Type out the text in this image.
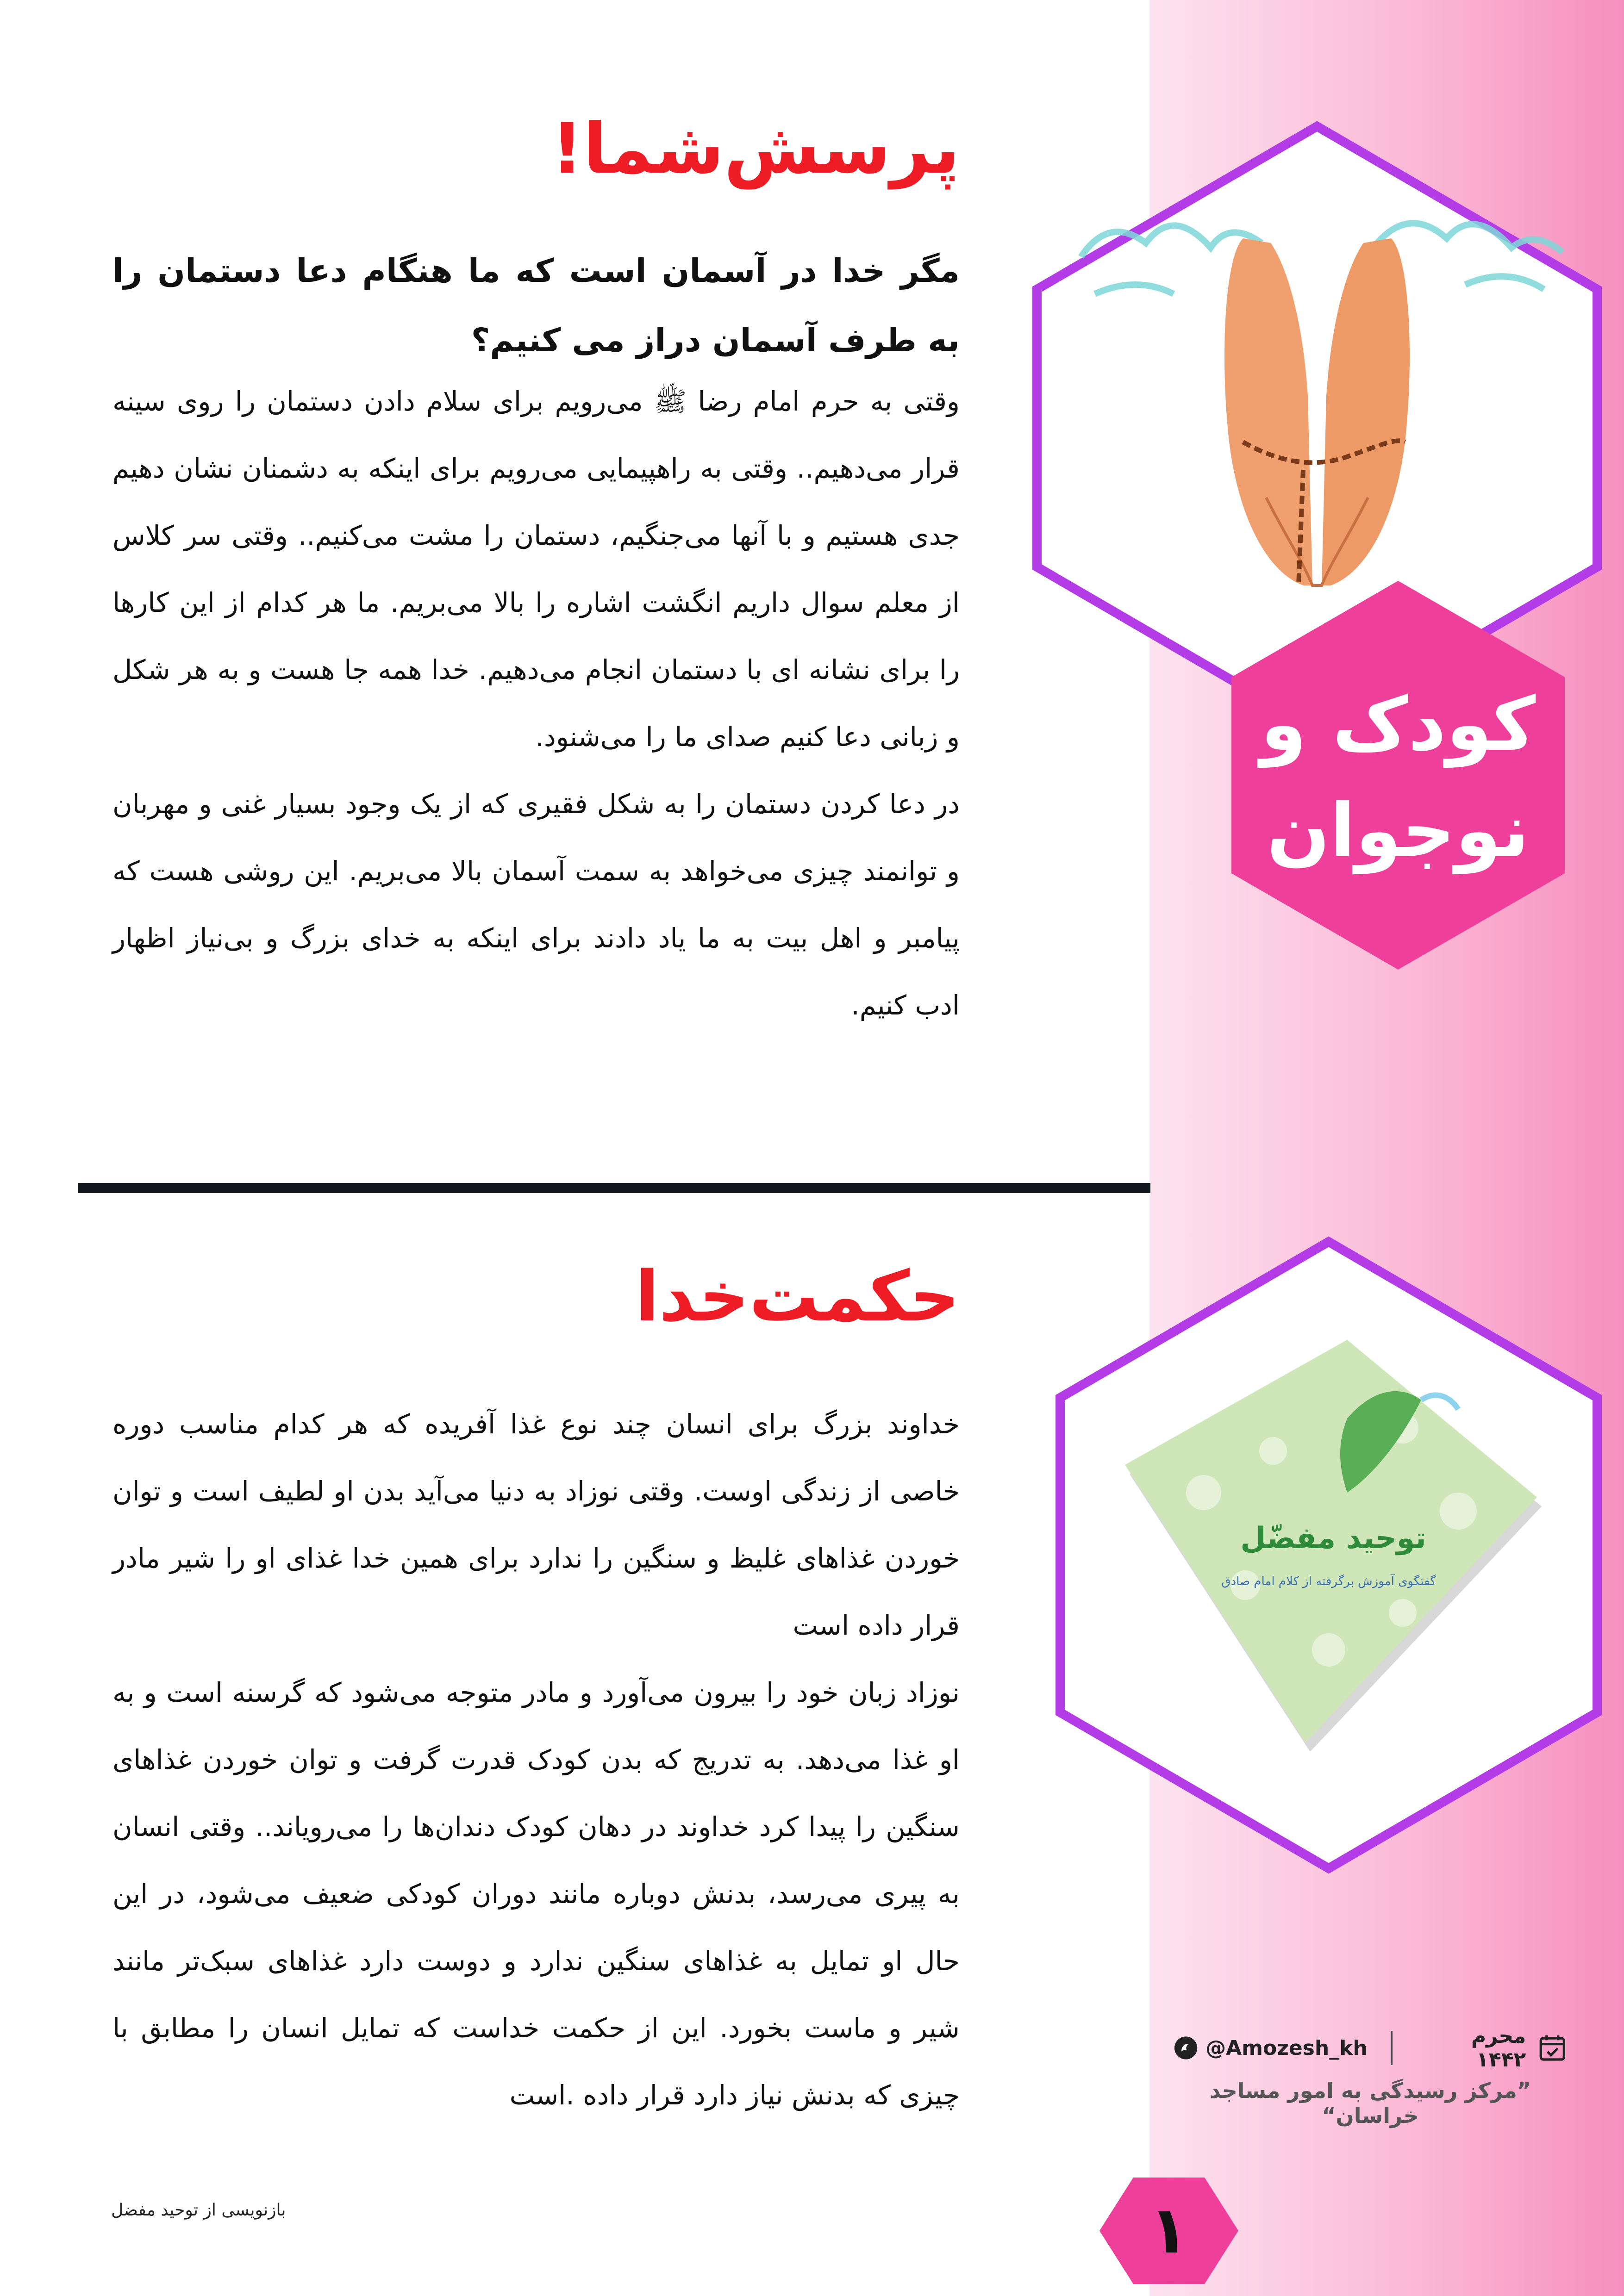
پرسش‌شما!

مگر خدا در آسمان است که ما هنگام دعا دستمان را به طرف آسمان دراز می کنیم؟

وقتی به حرم امام رضا ﷺ می‌رویم برای سلام دادن دستمان را روی سینه قرار می‌دهیم.. وقتی به راهپیمایی می‌رویم برای اینکه به دشمنان نشان دهیم جدی هستیم و با آنها می‌جنگیم، دستمان را مشت می‌کنیم.. وقتی سر کلاس از معلم سوال داریم انگشت اشاره را بالا می‌بریم. ما هر کدام از این کارها را برای نشانه ای با دستمان انجام می‌دهیم. خدا همه جا هست و به هر شکل و زبانی دعا کنیم صدای ما را می‌شنود.

در دعا کردن دستمان را به شکل فقیری که از یک وجود بسیار غنی و مهربان و توانمند چیزی می‌خواهد به سمت آسمان بالا می‌بریم. این روشی هست که پیامبر و اهل بیت به ما یاد دادند برای اینکه به خدای بزرگ و بی‌نیاز اظهار ادب کنیم.

حکمت‌خدا

خداوند بزرگ برای انسان چند نوع غذا آفریده که هر کدام مناسب دوره خاصی از زندگی اوست. وقتی نوزاد به دنیا می‌آید بدن او لطیف است و توان خوردن غذاهای غلیظ و سنگین را ندارد برای همین خدا غذای او را شیر مادر قرار داده است

نوزاد زبان خود را بیرون می‌آورد و مادر متوجه می‌شود که گرسنه است و به او غذا می‌دهد. به تدریج که بدن کودک قدرت گرفت و توان خوردن غذاهای سنگین را پیدا کرد خداوند در دهان کودک دندان‌ها را می‌رویاند.. وقتی انسان به پیری می‌رسد، بدنش دوباره مانند دوران کودکی ضعیف می‌شود، در این حال او تمایل به غذاهای سنگین ندارد و دوست دارد غذاهای سبک‌تر مانند شیر و ماست بخورد. این از حکمت خداست که تمایل انسان را مطابق با چیزی که بدنش نیاز دارد قرار داده .است

بازنویسی از توحید مفضل

کودک و
نوجوان

توحید مفضّل
گفتگوی آموزش برگرفته از کلام امام صادق
محرم ۱۴۴۲
@Amozesh_kh

”مرکز رسیدگی به امور مساجد خراسان“

۱
